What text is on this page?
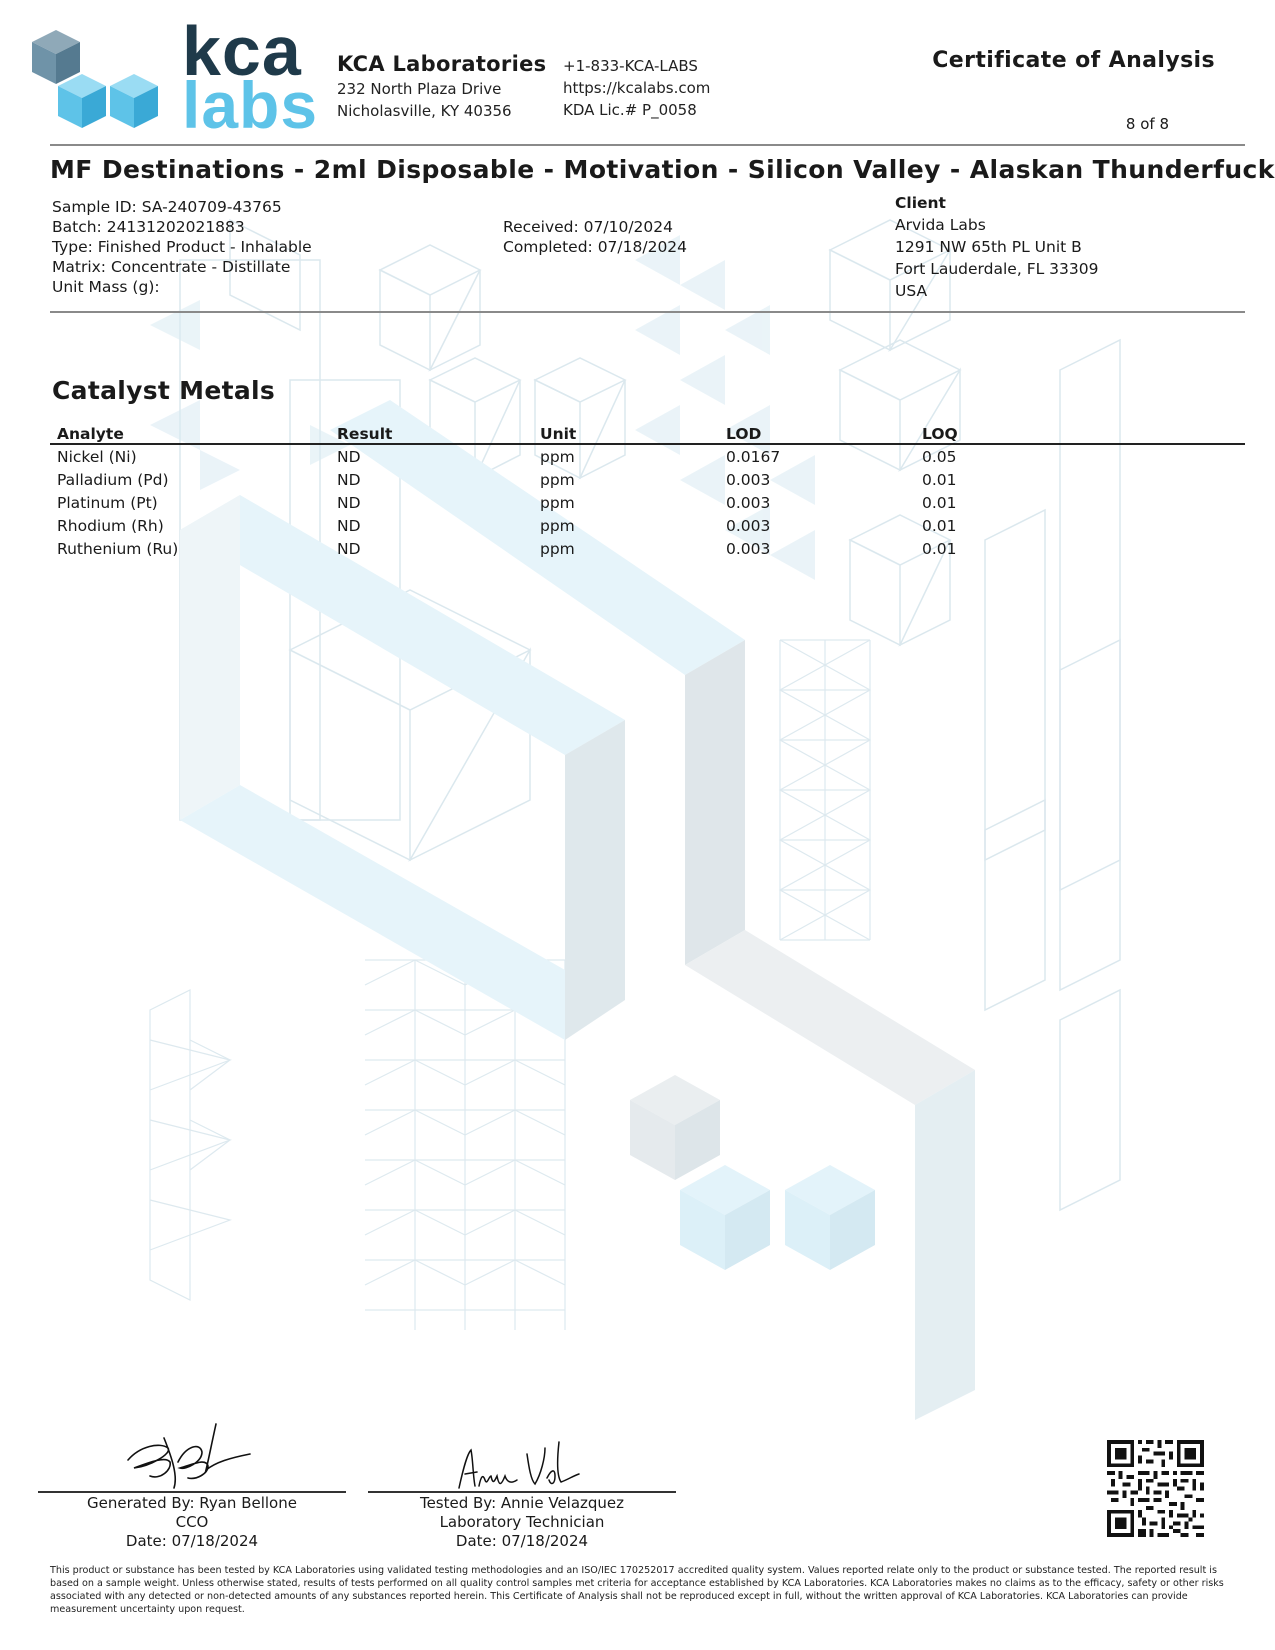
kca
labs
KCA Laboratories
232 North Plaza Drive
Nicholasville, KY 40356
+1-833-KCA-LABS
https://kcalabs.com
KDA Lic.# P_0058
Certificate of Analysis
8 of 8
MF Destinations - 2ml Disposable - Motivation - Silicon Valley - Alaskan Thunderfuck
Sample ID: SA-240709-43765
Batch: 24131202021883
Type: Finished Product - Inhalable
Matrix: Concentrate - Distillate
Unit Mass (g):
Received: 07/10/2024
Completed: 07/18/2024
Client
Arvida Labs
1291 NW 65th PL Unit B
Fort Lauderdale, FL 33309
USA
Catalyst Metals
Analyte	Result	Unit	LOD	LOQ
Nickel (Ni)	ND	ppm	0.0167	0.05
Palladium (Pd)	ND	ppm	0.003	0.01
Platinum (Pt)	ND	ppm	0.003	0.01
Rhodium (Rh)	ND	ppm	0.003	0.01
Ruthenium (Ru)	ND	ppm	0.003	0.01
Generated By: Ryan Bellone
CCO
Date: 07/18/2024
Tested By: Annie Velazquez
Laboratory Technician
Date: 07/18/2024
This product or substance has been tested by KCA Laboratories using validated testing methodologies and an ISO/IEC 170252017 accredited quality system. Values reported relate only to the product or substance tested. The reported result is based on a sample weight. Unless otherwise stated, results of tests performed on all quality control samples met criteria for acceptance established by KCA Laboratories. KCA Laboratories makes no claims as to the efficacy, safety or other risks associated with any detected or non-detected amounts of any substances reported herein. This Certificate of Analysis shall not be reproduced except in full, without the written approval of KCA Laboratories. KCA Laboratories can provide measurement uncertainty upon request.
